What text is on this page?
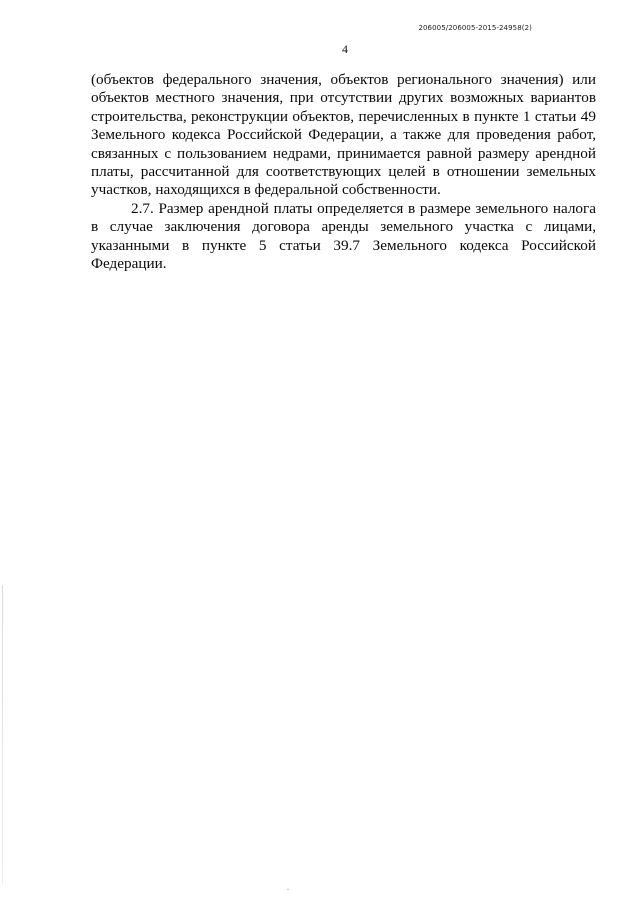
206005/206005-2015-24958(2)
4

(объектов федерального значения, объектов регионального значения) или объектов местного значения, при отсутствии других возможных вариантов строительства, реконструкции объектов, перечисленных в пункте 1 статьи 49 Земельного кодекса Российской Федерации, а также для проведения работ, связанных с пользованием недрами, принимается равной размеру арендной платы, рассчитанной для соответствующих целей в отношении земельных участков, находящихся в федеральной собственности.

2.7. Размер арендной платы определяется в размере земельного налога в случае заключения договора аренды земельного участка с лицами, указанными в пункте 5 статьи 39.7 Земельного кодекса Российской Федерации.
